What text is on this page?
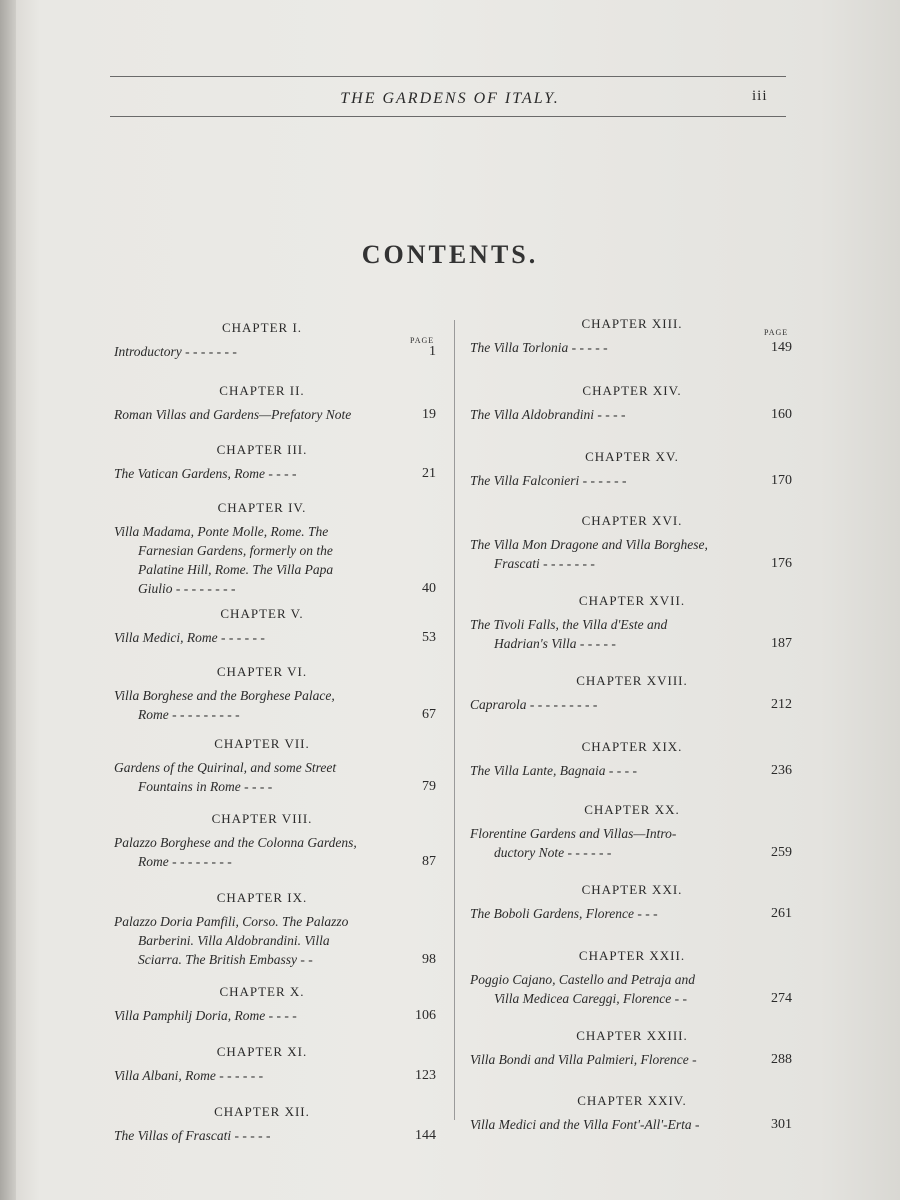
THE GARDENS OF ITALY.	iii
CONTENTS.
PAGE
PAGE
CHAPTER I.
Introductory - - - - - - -	1
CHAPTER II.
Roman Villas and Gardens—Prefatory Note	19
CHAPTER III.
The Vatican Gardens, Rome - - - -	21
CHAPTER IV.
Villa Madama, Ponte Molle, Rome. The
Farnesian Gardens, formerly on the
Palatine Hill, Rome. The Villa Papa
Giulio - - - - - - - -	40
CHAPTER V.
Villa Medici, Rome - - - - - -	53
CHAPTER VI.
Villa Borghese and the Borghese Palace,
Rome - - - - - - - - -	67
CHAPTER VII.
Gardens of the Quirinal, and some Street
Fountains in Rome - - - -	79
CHAPTER VIII.
Palazzo Borghese and the Colonna Gardens,
Rome - - - - - - - -	87
CHAPTER IX.
Palazzo Doria Pamfili, Corso. The Palazzo
Barberini. Villa Aldobrandini. Villa
Sciarra. The British Embassy - -	98
CHAPTER X.
Villa Pamphilj Doria, Rome - - - -	106
CHAPTER XI.
Villa Albani, Rome - - - - - -	123
CHAPTER XII.
The Villas of Frascati - - - - -	144
CHAPTER XIII.
The Villa Torlonia - - - - -	149
CHAPTER XIV.
The Villa Aldobrandini - - - -	160
CHAPTER XV.
The Villa Falconieri - - - - - -	170
CHAPTER XVI.
The Villa Mon Dragone and Villa Borghese,
Frascati - - - - - - -	176
CHAPTER XVII.
The Tivoli Falls, the Villa d'Este and
Hadrian's Villa - - - - -	187
CHAPTER XVIII.
Caprarola - - - - - - - - -	212
CHAPTER XIX.
The Villa Lante, Bagnaia - - - -	236
CHAPTER XX.
Florentine Gardens and Villas—Intro-
ductory Note - - - - - -	259
CHAPTER XXI.
The Boboli Gardens, Florence - - -	261
CHAPTER XXII.
Poggio Cajano, Castello and Petraja and
Villa Medicea Careggi, Florence - -	274
CHAPTER XXIII.
Villa Bondi and Villa Palmieri, Florence -	288
CHAPTER XXIV.
Villa Medici and the Villa Font'-All'-Erta -	301
